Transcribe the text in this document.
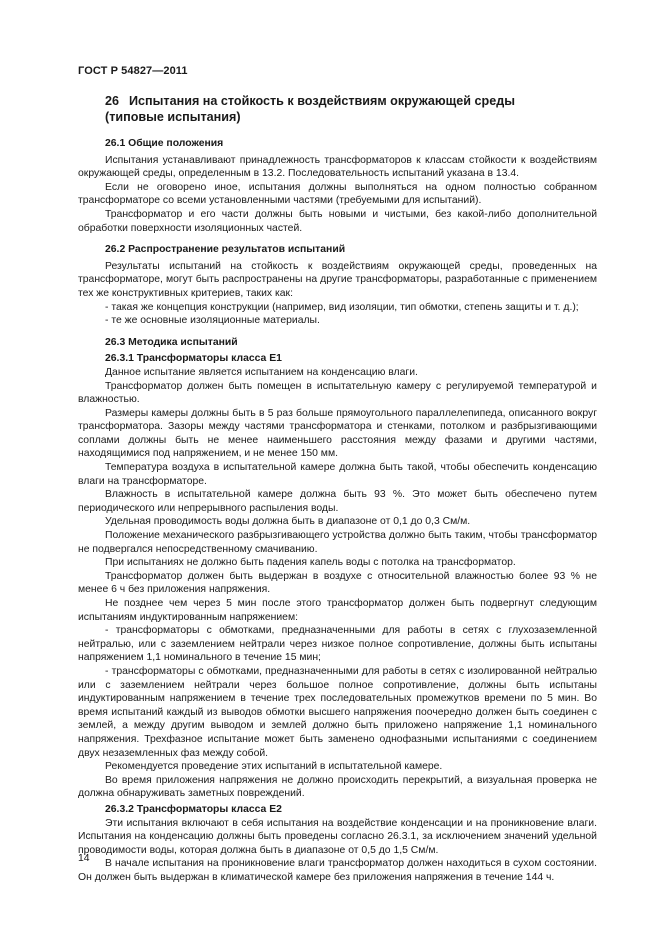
ГОСТ Р 54827—2011
26 Испытания на стойкость к воздействиям окружающей среды
(типовые испытания)
26.1 Общие положения

Испытания устанавливают принадлежность трансформаторов к классам стойкости к воздействиям окружающей среды, определенным в 13.2. Последовательность испытаний указана в 13.4.

Если не оговорено иное, испытания должны выполняться на одном полностью собранном трансформаторе со всеми установленными частями (требуемыми для испытаний).

Трансформатор и его части должны быть новыми и чистыми, без какой-либо дополнительной обработки поверхности изоляционных частей.

26.2 Распространение результатов испытаний

Результаты испытаний на стойкость к воздействиям окружающей среды, проведенных на трансформаторе, могут быть распространены на другие трансформаторы, разработанные с применением тех же конструктивных критериев, таких как:

- такая же концепция конструкции (например, вид изоляции, тип обмотки, степень защиты и т. д.);

- те же основные изоляционные материалы.

26.3 Методика испытаний
26.3.1 Трансформаторы класса Е1

Данное испытание является испытанием на конденсацию влаги.

Трансформатор должен быть помещен в испытательную камеру с регулируемой температурой и влажностью.

Размеры камеры должны быть в 5 раз больше прямоугольного параллелепипеда, описанного вокруг трансформатора. Зазоры между частями трансформатора и стенками, потолком и разбрызгивающими соплами должны быть не менее наименьшего расстояния между фазами и другими частями, находящимися под напряжением, и не менее 150 мм.

Температура воздуха в испытательной камере должна быть такой, чтобы обеспечить конденсацию влаги на трансформаторе.

Влажность в испытательной камере должна быть 93 %. Это может быть обеспечено путем периодического или непрерывного распыления воды.

Удельная проводимость воды должна быть в диапазоне от 0,1 до 0,3 См/м.

Положение механического разбрызгивающего устройства должно быть таким, чтобы трансформатор не подвергался непосредственному смачиванию.

При испытаниях не должно быть падения капель воды с потолка на трансформатор.

Трансформатор должен быть выдержан в воздухе с относительной влажностью более 93 % не менее 6 ч без приложения напряжения.

Не позднее чем через 5 мин после этого трансформатор должен быть подвергнут следующим испытаниям индуктированным напряжением:

- трансформаторы с обмотками, предназначенными для работы в сетях с глухозаземленной нейтралью, или с заземлением нейтрали через низкое полное сопротивление, должны быть испытаны напряжением 1,1 номинального в течение 15 мин;

- трансформаторы с обмотками, предназначенными для работы в сетях с изолированной нейтралью или с заземлением нейтрали через большое полное сопротивление, должны быть испытаны индуктированным напряжением в течение трех последовательных промежутков времени по 5 мин. Во время испытаний каждый из выводов обмотки высшего напряжения поочередно должен быть соединен с землей, а между другим выводом и землей должно быть приложено напряжение 1,1 номинального напряжения. Трехфазное испытание может быть заменено однофазными испытаниями с соединением двух незаземленных фаз между собой.

Рекомендуется проведение этих испытаний в испытательной камере.

Во время приложения напряжения не должно происходить перекрытий, а визуальная проверка не должна обнаруживать заметных повреждений.

26.3.2 Трансформаторы класса Е2

Эти испытания включают в себя испытания на воздействие конденсации и на проникновение влаги. Испытания на конденсацию должны быть проведены согласно 26.3.1, за исключением значений удельной проводимости воды, которая должна быть в диапазоне от 0,5 до 1,5 См/м.

В начале испытания на проникновение влаги трансформатор должен находиться в сухом состоянии. Он должен быть выдержан в климатической камере без приложения напряжения в течение 144 ч.

14
